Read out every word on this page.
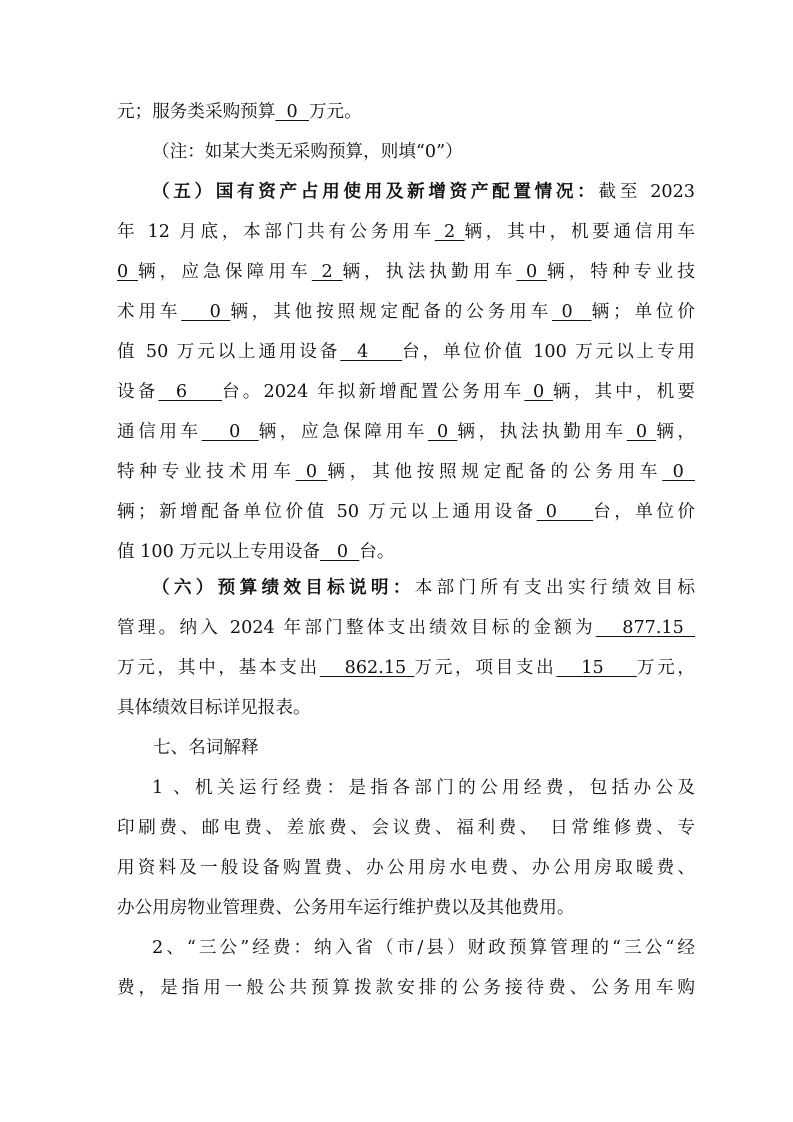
元；服务类采购预算  0  万元。

（注：如某大类无采购预算，则填“0”）

（五）国有资产占用使用及新增资产配置情况：截至 2023
年 12 月底，本部门共有公务用车 2 辆，其中，机要通信用车
0 辆，应急保障用车 2 辆，执法执勤用车 0 辆，特种专业技
术用车   0 辆，其他按照规定配备的公务用车 0  辆；单位价
值 50 万元以上通用设备  4    台，单位价值 100 万元以上专用
设备  6    台。2024 年拟新增配置公务用车 0 辆，其中，机要
通信用车   0  辆，应急保障用车 0 辆，执法执勤用车 0 辆，
特种专业技术用车 0 辆，其他按照规定配备的公务用车 0
辆；新增配备单位价值 50 万元以上通用设备 0    台，单位价
值 100 万元以上专用设备   0  台。

（六）预算绩效目标说明：本部门所有支出实行绩效目标
管理。纳入 2024 年部门整体支出绩效目标的金额为   877.15
万元，其中，基本支出   862.15 万元，项目支出   15    万元，
具体绩效目标详见报表。

七、名词解释

1 、机关运行经费：是指各部门的公用经费，包括办公及
印刷费、邮电费、差旅费、会议费、福利费、 日常维修费、专
用资料及一般设备购置费、办公用房水电费、办公用房取暖费、
办公用房物业管理费、公务用车运行维护费以及其他费用。

2、“三公”经费：纳入省（市/县）财政预算管理的“三公“经
费，是指用一般公共预算拨款安排的公务接待费、公务用车购
